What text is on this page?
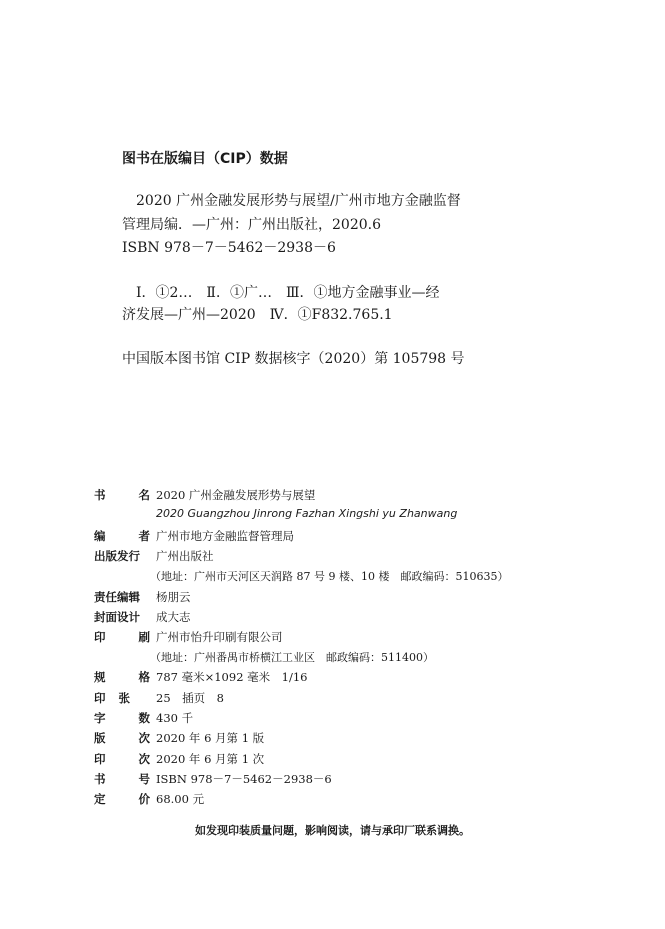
图书在版编目（CIP）数据
2020 广州金融发展形势与展望/广州市地方金融监督
管理局编．—广州：广州出版社，2020.6
ISBN 978－7－5462－2938－6
Ⅰ．①2…　Ⅱ．①广…　Ⅲ．①地方金融事业—经
济发展—广州—2020　Ⅳ．①F832.765.1
中国版本图书馆 CIP 数据核字（2020）第 105798 号
书	名 2020 广州金融发展形势与展望
2020 Guangzhou Jinrong Fazhan Xingshi yu Zhanwang
编	者 广州市地方金融监督管理局
出版发行	广州出版社
（地址：广州市天河区天润路 87 号 9 楼、10 楼　邮政编码：510635）
责任编辑	杨朋云
封面设计	成大志
印	刷 广州市怡升印刷有限公司
（地址：广州番禺市桥横江工业区　邮政编码：511400）
规	格 787 毫米×1092 毫米　1/16
印 张 25　插页　8
字	数 430 千
版	次 2020 年 6 月第 1 版
印	次 2020 年 6 月第 1 次
书	号 ISBN 978－7－5462－2938－6
定	价 68.00 元
如发现印装质量问题，影响阅读，请与承印厂联系调换。
